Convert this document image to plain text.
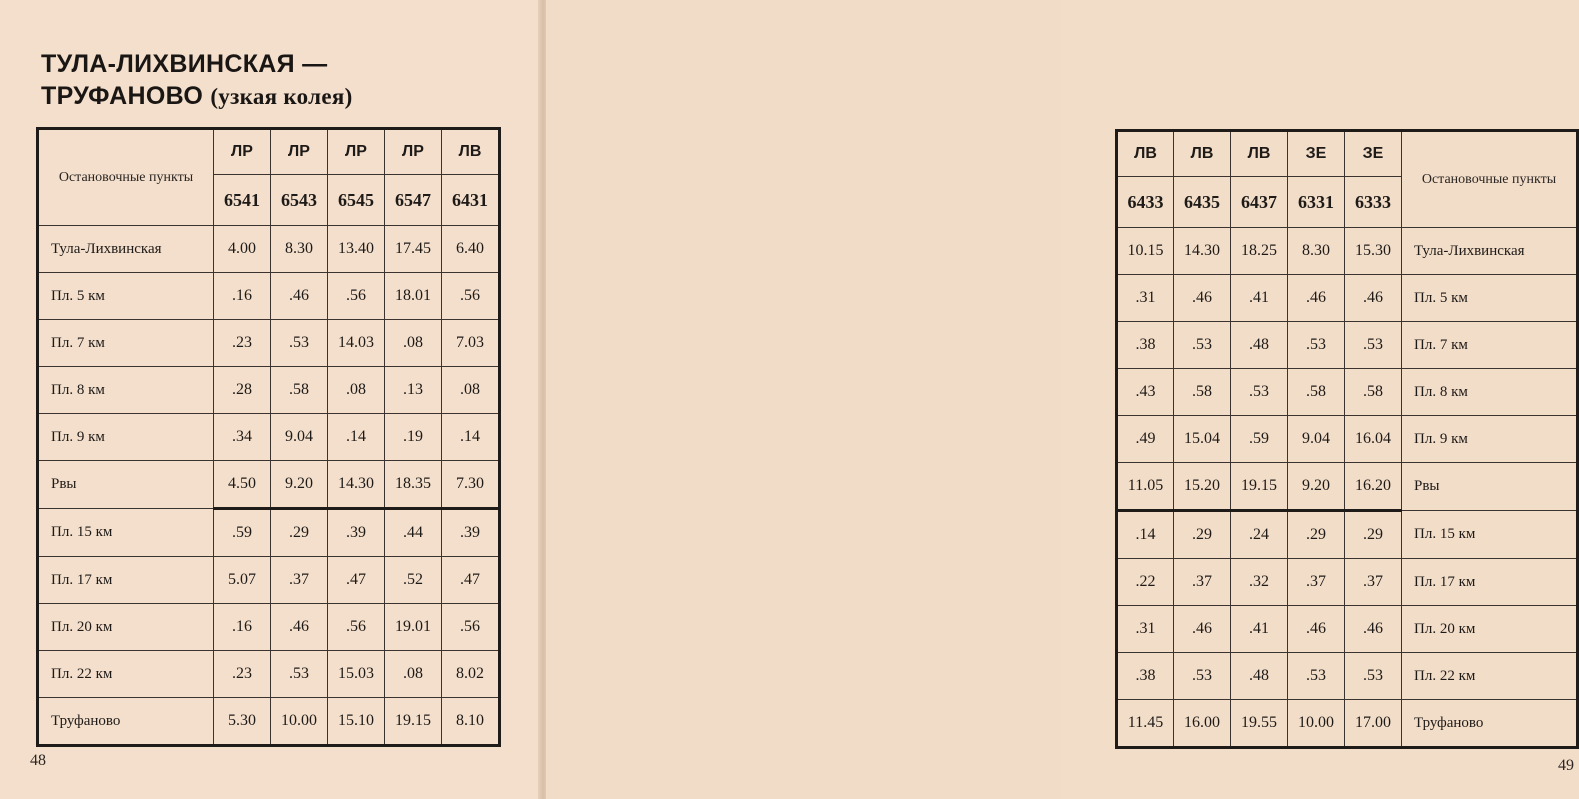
ТУЛА-ЛИХВИНСКАЯ —
ТРУФАНОВО (узкая колея)
Остановочные пункты	ЛР	ЛР	ЛР	ЛР	ЛВ
	6541	6543	6545	6547	6431
Тула-Лихвинская	4.00	8.30	13.40	17.45	6.40
Пл. 5 км	.16	.46	.56	18.01	.56
Пл. 7 км	.23	.53	14.03	.08	7.03
Пл. 8 км	.28	.58	.08	.13	.08
Пл. 9 км	.34	9.04	.14	.19	.14
Рвы	4.50	9.20	14.30	18.35	7.30
Пл. 15 км	.59	.29	.39	.44	.39
Пл. 17 км	5.07	.37	.47	.52	.47
Пл. 20 км	.16	.46	.56	19.01	.56
Пл. 22 км	.23	.53	15.03	.08	8.02
Труфаново	5.30	10.00	15.10	19.15	8.10
48
ЛВ	ЛВ	ЛВ	ЗЕ	ЗЕ	Остановочные пункты
6433	6435	6437	6331	6333	
10.15	14.30	18.25	8.30	15.30	Тула-Лихвинская
.31	.46	.41	.46	.46	Пл. 5 км
.38	.53	.48	.53	.53	Пл. 7 км
.43	.58	.53	.58	.58	Пл. 8 км
.49	15.04	.59	9.04	16.04	Пл. 9 км
11.05	15.20	19.15	9.20	16.20	Рвы
.14	.29	.24	.29	.29	Пл. 15 км
.22	.37	.32	.37	.37	Пл. 17 км
.31	.46	.41	.46	.46	Пл. 20 км
.38	.53	.48	.53	.53	Пл. 22 км
11.45	16.00	19.55	10.00	17.00	Труфаново
49
